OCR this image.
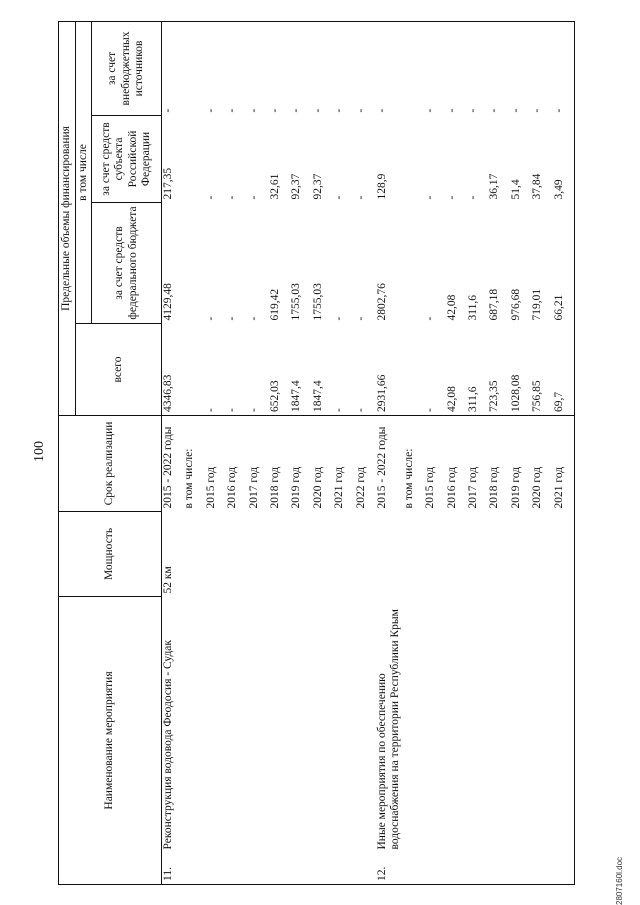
100
Наименование мероприятия		Мощность	Срок реализации	Предельные объемы финансирования			
				всего	в том числе		
					за счет средств федерального бюджета	за счет средств субъекта Российской Федерации	за счет внебюджетных источников
11.	Реконструкция водовода Феодосия - Судак	52 км	2015 - 2022 годы	4346,83	4129,48	217,35	-
			в том числе:				
			2015 год	-	-	-	-
			2016 год	-	-	-	-
			2017 год	-	-	-	-
			2018 год	652,03	619,42	32,61	-
			2019 год	1847,4	1755,03	92,37	-
			2020 год	1847,4	1755,03	92,37	-
			2021 год	-	-	-	-
			2022 год	-	-	-	-
12.	Иные мероприятия по обеспечению водоснабжения на территории Республики Крым		2015 - 2022 годы	2931,66	2802,76	128,9	-
			в том числе:				
			2015 год	-	-	-	-
			2016 год	42,08	42,08	-	-
			2017 год	311,6	311,6	-	-
			2018 год	723,35	687,18	36,17	-
			2019 год	1028,08	976,68	51,4	-
			2020 год	756,85	719,01	37,84	-
			2021 год	69,7	66,21	3,49	-
2807160l.doc
